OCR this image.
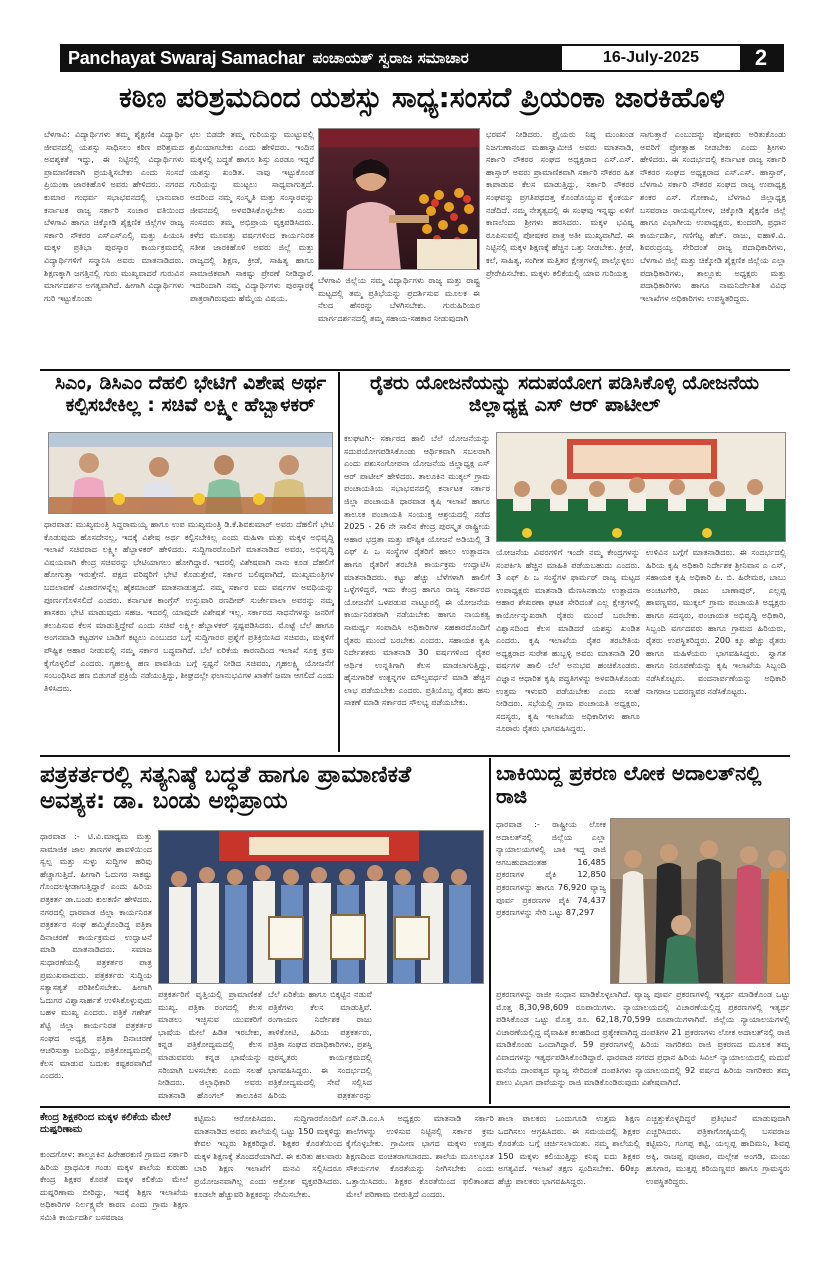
Panchayat Swaraj Samachar ಪಂಚಾಯತ್ ಸ್ವರಾಜ ಸಮಾಚಾರ	16-July-2025	2
ಕಠಿಣ ಪರಿಶ್ರಮದಿಂದ ಯಶಸ್ಸು ಸಾಧ್ಯ:ಸಂಸದೆ ಪ್ರಿಯಂಕಾ ಜಾರಕಿಹೊಳಿ
ಬೆಳಗಾವಿ: ವಿದ್ಯಾರ್ಥಿಗಳು ತಮ್ಮ ಶೈಕ್ಷಣಿಕ ವಿದ್ಯಾರ್ಥಿ ಜೀವನದಲ್ಲಿ ಯಶಸ್ಸು ಸಾಧಿಸಲು ಕಠಿಣ ಪರಿಶ್ರಮದ ಅವಶ್ಯಕತೆ ಇದ್ದು, ಈ ನಿಟ್ಟಿನಲ್ಲಿ ವಿದ್ಯಾರ್ಥಿಗಳು ಪ್ರಾಮಾಣಿಕವಾಗಿ ಪ್ರಯತ್ನಿಸಬೇಕು ಎಂದು ಸಂಸದೆ ಪ್ರಿಯಂಕಾ ಜಾರಕಿಹೊಳಿ ಅವರು ಹೇಳಿದರು. ನಗರದ ಕುಮಾರ ಗಂಧರ್ವ ಸಭಾಭವನದಲ್ಲಿ ಭಾನುವಾರ ಕರ್ನಾಟಕ ರಾಜ್ಯ ಸರ್ಕಾರಿ ಸಂಚಾರ ವತಿಯಿಂದ ಬೆಳಗಾವಿ ಹಾಗೂ ಚಿಕ್ಕೋಡಿ ಶೈಕ್ಷಣಿಕ ಜಿಲ್ಲೆಗಳ ರಾಜ್ಯ ಸರ್ಕಾರಿ ನೌಕರರ ಎಸ್ಎಸ್ಎಲ್ಸಿ ಮತ್ತು ಪಿಯುಸಿ ಮಕ್ಕಳ ಪ್ರತಿಭಾ ಪುರಸ್ಕಾರ ಕಾರ್ಯಕ್ರಮದಲ್ಲಿ ವಿದ್ಯಾರ್ಥಿಗಳಿಗೆ ಸನ್ಮಾನಿಸಿ ಅವರು ಮಾತನಾಡಿದರು. ಶಿಕ್ಷಣಕ್ಕಾಗಿ ಜಗತ್ತಿನಲ್ಲಿ ಗುರು ಮುಖ್ಯವಾದರೆ ಗುರುವಿನ ಮಾರ್ಗದರ್ಶನ ಅಗತ್ಯವಾಗಿದೆ. ಹೀಗಾಗಿ ವಿದ್ಯಾರ್ಥಿಗಳು ಗುರಿ ಇಟ್ಟುಕೊಂಡು
ಛಲ ಬಿಡದೇ ತಮ್ಮ ಗುರಿಯನ್ನು ಮುಟ್ಟುವಲ್ಲಿ ಶ್ರಮಿಯಾಗಬೇಕು ಎಂದು ಹೇಳಿದರು. ಇಂದಿನ ಮಕ್ಕಳಲ್ಲಿ ಬದ್ಧತೆ ಹಾಗೂ ಶಿಸ್ತು ಎರಡೂ ಇದ್ದರೆ ಯಶಸ್ಸು ಖಂಡಿತ. ನಾವು ಇಟ್ಟುಕೊಂಡ ಗುರಿಯನ್ನು ಮುಟ್ಟಲು ಸಾಧ್ಯವಾಗುತ್ತದೆ. ಅದರಿಂದ ನಮ್ಮ ಸಂಸ್ಕೃತಿ ಮತ್ತು ಸಂಸ್ಕಾರವನ್ನು ಜೀವನದಲ್ಲಿ ಅಳವಡಿಸಿಕೊಳ್ಳಬೇಕು ಎಂದು ಸಂಸದರು ತಮ್ಮ ಅಭಿಪ್ರಾಯ ವ್ಯಕ್ತಪಡಿಸಿದರು. ಕಳೆದ ಮೂವತ್ತು ವರ್ಷಗಳಿಂದ ಕಾರ್ಯನಿರತ ಸತೀಶ ಜಾರಕಿಹೊಳಿ ಅವರು ಜಿಲ್ಲೆ ಮತ್ತು ರಾಜ್ಯದಲ್ಲಿ ಶಿಕ್ಷಣ, ಕ್ರೀಡೆ, ಸಾಹಿತ್ಯ ಹಾಗೂ ಸಾಮಾಜಿಕವಾಗಿ ಸಾಕಷ್ಟು ಪ್ರೇರಣೆ ನೀಡಿದ್ದಾರೆ. ಇದರಿಂದಾಗಿ ನಮ್ಮ ವಿದ್ಯಾರ್ಥಿಗಳು ಪುರಸ್ಕಾರಕ್ಕೆ ಪಾತ್ರರಾಗಿರುವುದು ಹೆಮ್ಮೆಯ ವಿಷಯ.
ಬೆಳಗಾವಿ ಜಿಲ್ಲೆಯ ನಮ್ಮ ವಿದ್ಯಾರ್ಥಿಗಳು ರಾಜ್ಯ ಮತ್ತು ರಾಷ್ಟ್ರ ಮಟ್ಟದಲ್ಲಿ ತಮ್ಮ ಪ್ರತಿಭೆಯನ್ನು ಪ್ರದರ್ಶಿಸುವ ಮೂಲಕ ಈ ನೆಲದ ಹೆಸರನ್ನು ಬೆಳಗಿಸಬೇಕು. ಗುರುಹಿರಿಯರ ಮಾರ್ಗದರ್ಶನದಲ್ಲಿ ತಮ್ಮ ಸಹಾಯ-ಸಹಕಾರ ನೀಡುವುದಾಗಿ
ಭರವಸೆ ನೀಡಿದರು. ಪ್ರೈಯರು ನಿಷ್ಠ ಮುಂಖಂಡ ನಿಜಗುಣಾನಂದ ಮಹಾಸ್ವಾಮೀಜಿ ಅವರು ಮಾತನಾಡಿ, ಸರ್ಕಾರಿ ನೌಕರರ ಸಂಘದ ಅಧ್ಯಕ್ಷರಾದ ಎಸ್.ಎಸ್. ಹಾಸ್ತಾರ್ ಅವರು ಪ್ರಾಮಾಣಿಕವಾಗಿ ಸರ್ಕಾರಿ ನೌಕರರ ಹಿತ ಕಾಪಾಡುವ ಕೆಲಸ ಮಾಡುತ್ತಿದ್ದು, ಸರ್ಕಾರಿ ನೌಕರರ ಸಂಘವನ್ನು ಪ್ರಗತಿಪಥದತ್ತ ಕೊಂಡೊಯ್ಯುವ ಕೈಂಕರ್ಯ ನಡೆದಿದೆ. ನಮ್ಮ ನೇತೃತ್ವದಲ್ಲಿ ಈ ಸಂಘವು ಇನ್ನಷ್ಟು ಏಳಿಗೆ ಕಾಣಲೆಂದು ಶ್ರೀಗಳು ಹರಸಿದರು. ಮಕ್ಕಳ ಭವಿಷ್ಯ ರೂಪಿಸುವಲ್ಲಿ ಪೋಷಕರ ಪಾತ್ರ ಅತೀ ಮುಖ್ಯವಾಗಿದೆ. ಈ ನಿಟ್ಟಿನಲ್ಲಿ ಮಕ್ಕಳ ಶಿಕ್ಷಣಕ್ಕೆ ಹೆಚ್ಚಿನ ಒತ್ತು ನೀಡಬೇಕು. ಕ್ರೀಡೆ, ಕಲೆ, ಸಾಹಿತ್ಯ, ಸಂಗೀತ ಮತ್ತಿತರ ಕ್ಷೇತ್ರಗಳಲ್ಲಿ ಪಾಲ್ಗೊಳ್ಳಲು ಪ್ರೇರೇಪಿಸಬೇಕು. ಮಕ್ಕಳು ಕಲಿಕೆಯಲ್ಲಿ ಯಾವ ಗುರಿಯತ್ತ
ಸಾಗುತ್ತಾರೆ ಎಂಬುದನ್ನು ಪೋಷಕರು ಅರಿತುಕೊಂಡು ಅವರಿಗೆ ಪ್ರೋತ್ಸಾಹ ನೀಡಬೇಕು ಎಂದು ಶ್ರೀಗಳು ಹೇಳಿದರು. ಈ ಸಂದರ್ಭದಲ್ಲಿ ಕರ್ನಾಟಕ ರಾಜ್ಯ ಸರ್ಕಾರಿ ನೌಕರರ ಸಂಘದ ಅಧ್ಯಕ್ಷರಾದ ಎಸ್.ಎಸ್. ಹಾಸ್ತಾರ್, ಬೆಳಗಾವಿ ಸರ್ಕಾರಿ ನೌಕರರ ಸಂಘದ ರಾಜ್ಯ ಉಪಾಧ್ಯಕ್ಷ ಶಂಕರ ಎಸ್. ಗೋಕಾವಿ, ಬೆಳಗಾವಿ ಜಿಲ್ಲಾಧ್ಯಕ್ಷ ಬಸವರಾಜ ರಾಯವ್ವಗೋಳ, ಚಿಕ್ಕೋಡಿ ಶೈಕ್ಷಣಿಕ ಜಿಲ್ಲೆ ಹಾಗೂ ವಿಭಾಗೀಯ ಉಪಾಧ್ಯಕ್ಷರು, ಕುಂದರಗಿ, ಪ್ರಧಾನ ಕಾರ್ಯದರ್ಶಿ, ಗಣಿಗೆಟ್ಟ ಹೆಚ್. ರಾಜು, ಐಹಾಳಿ.ವಿ. ಶಿವರುದ್ರಯ್ಯ ಸೇರಿದಂತೆ ರಾಜ್ಯ ಪದಾಧಿಕಾರಿಗಳು, ಬೆಳಗಾವಿ ಜಿಲ್ಲೆ ಮತ್ತು ಚಿಕ್ಕೋಡಿ ಶೈಕ್ಷಣಿಕ ಜಿಲ್ಲೆಯ ಎಲ್ಲಾ ಪದಾಧಿಕಾರಿಗಳು, ತಾಲ್ಲೂಕು ಅಧ್ಯಕ್ಷರು ಮತ್ತು ಪದಾಧಿಕಾರಿಗಳು ಹಾಗೂ ನಾಮನಿರ್ದೇಶಿತ ವಿವಿಧ ಇಲಾಖೆಗಳ ಅಧಿಕಾರಿಗಳು ಉಪಸ್ಥಿತರಿದ್ದರು.
ಸಿಎಂ, ಡಿಸಿಎಂ ದೆಹಲಿ ಭೇಟಿಗೆ ವಿಶೇಷ ಅರ್ಥ ಕಲ್ಪಿಸಬೇಕಿಲ್ಲ : ಸಚಿವೆ ಲಕ್ಷ್ಮೀ ಹೆಬ್ಬಾಳಕರ್
ಧಾರವಾಡ: ಮುಖ್ಯಮಂತ್ರಿ ಸಿದ್ದರಾಮಯ್ಯ ಹಾಗೂ ಉಪ ಮುಖ್ಯಮಂತ್ರಿ ಡಿ.ಕೆ.ಶಿವಕುಮಾರ್ ಅವರು ದೆಹಲಿಗೆ ಭೇಟಿ ಕೊಡುವುದು ಹೊಸದೇನಲ್ಲ, ಇದಕ್ಕೆ ವಿಶೇಷ ಅರ್ಥ ಕಲ್ಪಿಸಬೇಕಿಲ್ಲ ಎಂದು ಮಹಿಳಾ ಮತ್ತು ಮಕ್ಕಳ ಅಭಿವೃದ್ಧಿ ಇಲಾಖೆ ಸಚಿವರಾದ ಲಕ್ಷ್ಮೀ ಹೆಬ್ಬಾಳಕರ್ ಹೇಳಿದರು. ಸುದ್ದಿಗಾರರೊಂದಿಗೆ ಮಾತನಾಡಿದ ಅವರು, ಅಭಿವೃದ್ಧಿ ವಿಷಯವಾಗಿ ಕೇಂದ್ರ ಸಚಿವರನ್ನು ಭೇಟಿಯಾಗಲು ಹೋಗಿದ್ದಾರೆ. ಇದರಲ್ಲಿ ವಿಶೇಷವಾಗಿ ನಾನು ಕೂಡ ದೆಹಲಿಗೆ ಹೋಗುತ್ತಾ ಇರುತ್ತೇನೆ. ಪಕ್ಷದ ವರಿಷ್ಠರಿಗೆ ಭೇಟಿ ಕೊಡುತ್ತೇವೆ, ಸರ್ಕಾರ ಬಲಿಷ್ಠವಾಗಿದೆ, ಮುಖ್ಯಮಂತ್ರಿಗಳ ಬದಲಾವಣೆ ವಿಚಾರಗಳನ್ನೆಲ್ಲ ಹೈಕಮಾಂಡ್ ಮಾತನಾಡುತ್ತದೆ. ನಮ್ಮ ಸರ್ಕಾರ ಐದು ವರ್ಷಗಳ ಅವಧಿಯನ್ನು ಪೂರ್ಣಗೊಳಿಸಲಿದೆ ಎಂದರು. ಕರ್ನಾಟಕ ಕಾಂಗ್ರೆಸ್ ಉಸ್ತುವಾರಿ ರಣದೀಪ್ ಸುರ್ಜೇವಾಲಾ ಅವರನ್ನು ನಮ್ಮ ಶಾಸಕರು ಭೇಟಿ ಮಾಡುವುದು ಸಹಜ. ಇದರಲ್ಲಿ ಯಾವುದೇ ವಿಶೇಷತೆ ಇಲ್ಲ. ಸರ್ಕಾರದ ಸಾಧನೆಗಳನ್ನು ಜನರಿಗೆ ತಲುಪಿಸುವ ಕೆಲಸ ಮಾಡುತ್ತಿದ್ದೇವೆ ಎಂದು ಸಚಿವೆ ಲಕ್ಷ್ಮೀ ಹೆಬ್ಬಾಳಕರ್ ಸ್ಪಷ್ಟಪಡಿಸಿದರು. ಮೊಟ್ಟೆ ಬೆಲೆ ಹಾಗೂ ಅಂಗನವಾಡಿ ಕಟ್ಟಡಗಳ ಬಾಡಿಗೆ ಕಟ್ಟಲು ಎಂಬುದರ ಬಗ್ಗೆ ಸುದ್ದಿಗಾರರ ಪ್ರಶ್ನೆಗೆ ಪ್ರತಿಕ್ರಿಯಿಸಿದ ಸಚಿವರು, ಮಕ್ಕಳಿಗೆ ಪೌಷ್ಟಿಕ ಆಹಾರ ನೀಡುವಲ್ಲಿ ನಮ್ಮ ಸರ್ಕಾರ ಬದ್ಧವಾಗಿದೆ. ಬೆಲೆ ಏರಿಕೆಯ ಕಾರಣದಿಂದ ಇಲಾಖೆ ಸೂಕ್ತ ಕ್ರಮ ಕೈಗೊಳ್ಳಲಿದೆ ಎಂದರು. ಗೃಹಲಕ್ಷ್ಮಿ ಹಣ ಪಾವತಿಯ ಬಗ್ಗೆ ಸ್ಪಷ್ಟನೆ ನೀಡಿದ ಸಚಿವರು, ಗೃಹಲಕ್ಷ್ಮಿ ಯೋಜನೆಗೆ ಸಂಬಂಧಿಸಿದ ಹಣ ಬಿಡುಗಡೆ ಪ್ರಕ್ರಿಯೆ ನಡೆಯುತ್ತಿದ್ದು, ಶೀಘ್ರದಲ್ಲೇ ಫಲಾನುಭವಿಗಳ ಖಾತೆಗೆ ಜಮಾ ಆಗಲಿದೆ ಎಂದು ತಿಳಿಸಿದರು.
ರೈತರು ಯೋಜನೆಯನ್ನು ಸದುಪಯೋಗ ಪಡಿಸಿಕೊಳ್ಳಿ ಯೋಜನೆಯ ಜಿಲ್ಲಾಧ್ಯಕ್ಷ ಎಸ್ ಆರ್ ಪಾಟೀಲ್
ಕಲಘಟಗಿ:- ಸರ್ಕಾರದ ಹಾಲಿ ಬೆಲೆ ಯೋಜನೆಯನ್ನು ಸದುಪಯೋಗಪಡಿಸಿಕೊಂಡು ಆರ್ಥಿಕವಾಗಿ ಸಬಲರಾಗಿ ಎಂದು ಪಶುಸಂಗೋಪನಾ ಯೋಜನೆಯ ಜಿಲ್ಲಾಧ್ಯಕ್ಷ ಎಸ್ ಆರ್ ಪಾಟೀಲ್ ಹೇಳಿದರು. ತಾಲೂಕಿನ ಮುಕ್ಕಲ್ ಗ್ರಾಮ ಪಂಚಾಯತಿಯ ಸಭಾಭವನದಲ್ಲಿ ಕರ್ನಾಟಕ ಸರ್ಕಾರ ಜಿಲ್ಲಾ ಪಂಚಾಯತಿ ಧಾರವಾಡ ಕೃಷಿ ಇಲಾಖೆ ಹಾಗೂ ತಾಲೂಕ ಪಂಚಾಯತಿ ಸಂಯುಕ್ತ ಆಶ್ರಯದಲ್ಲಿ ನಡೆದ 2025 - 26 ನೇ ಸಾಲಿನ ಕೇಂದ್ರ ಪುರಸ್ಕೃತ ರಾಷ್ಟ್ರೀಯ ಆಹಾರ ಭದ್ರತಾ ಮತ್ತು ಪೌಷ್ಟಿಕ ಯೋಜನೆ ಅಡಿಯಲ್ಲಿ 3 ಎಫ್ ಪಿ ಒ ಸಂಸ್ಥೆಗಳ ರೈತರಿಗೆ ಹಾಲು ಉತ್ಪಾದನಾ ಹಾಗೂ ರೈತರಿಗೆ ತರಬೇತಿ ಕಾರ್ಯಕ್ರಮ ಉದ್ಘಾಟಿಸಿ ಮಾತನಾಡಿದರು. ಕಟ್ಟು ಹೆಚ್ಚು ಬೆಳೆಗಳಾಗಿ ಹಾಲಿಗೆ ಒಳ್ಳೆಗಳಿದ್ದರೆ, ಇದು ಕೇಂದ್ರ ಹಾಗೂ ರಾಜ್ಯ ಸರ್ಕಾರದ ಯೋಜನೆಗೆ ಒಳಪಡುವ ನಾಟ್ಟೂರಲ್ಲಿ ಈ ಯೋಜನೆಯ ಕಾರ್ಯನಿರತರಾಗಿ ನಡೆಯಬೇಕು ಹಾಗೂ ನಾಯಕತ್ವ ಸಾಮರ್ಥ್ಯ ಸಂಪಾದಿಸಿ ಅಧಿಕಾರಿಗಳ ಸಹಕಾರದೊಂದಿಗೆ ರೈತರು ಮುಂದೆ ಬರಬೇಕು ಎಂದರು. ಸಹಾಯಕ ಕೃಷಿ ನಿರ್ದೇಶಕರು ಮಾತನಾಡಿ 30 ವರ್ಷಗಳಿಂದ ರೈತರ ಆರ್ಥಿಕ ಉನ್ನತಿಗಾಗಿ ಕೆಲಸ ಮಾಡಲಾಗುತ್ತಿದ್ದು, ಹೈನುಗಾರಿಕೆ ಉತ್ಪನ್ನಗಳ ಮೌಲ್ಯವರ್ಧನೆ ಮಾಡಿ ಹೆಚ್ಚಿನ ಲಾಭ ಪಡೆಯಬೇಕು ಎಂದರು. ಪ್ರತಿಯೊಬ್ಬ ರೈತರು ಹಸು ಸಾಕಣೆ ಮಾಡಿ ಸರ್ಕಾರದ ಸೌಲಭ್ಯ ಪಡೆಯಬೇಕು.
ಯೋಜನೆಯ ವಿವರಗಳಿಗೆ ಇಂದೇ ನಮ್ಮ ಕೇಂದ್ರಗಳನ್ನು ಸಂಪರ್ಕಿಸಿ ಹೆಚ್ಚಿನ ಮಾಹಿತಿ ಪಡೆಯಬಹುದು ಎಂದರು. 3 ಎಫ್ ಪಿ ಒ ಸಂಸ್ಥೆಗಳ ಫಾರ್ಮರ್ ರಾಜ್ಯ ಮಟ್ಟದ ಉಪಾಧ್ಯಕ್ಷರು ಮಾತನಾಡಿ ಮೆಣಸಿನಕಾಯಿ ಉತ್ಪಾದನಾ ಆಹಾರ ಶೇಖರಣಾ ಘಟಕ ಸೇರಿದಂತೆ ಎಲ್ಲ ಕ್ಷೇತ್ರಗಳಲ್ಲಿ ಕಾರ್ಯೋನ್ಮುಖರಾಗಿ ರೈತರು ಮುಂದೆ ಬರಬೇಕು. ವಿಶ್ವಾಸದಿಂದ ಕೆಲಸ ಮಾಡಿದರೆ ಯಶಸ್ಸು ಖಂಡಿತ ಎಂದರು. ಕೃಷಿ ಇಲಾಖೆಯ ರೈತರ ತರಬೇತಿಯ ಅಧ್ಯಕ್ಷರಾದ ಸುರೇಶ ಹುಬ್ಬಳ್ಳಿ ಅವರು ಮಾತನಾಡಿ 20 ವರ್ಷಗಳ ಹಾಲಿ ಬೆಲೆ ಅನುಭವ ಹಂಚಿಕೊಂಡರು. ವಿಜ್ಞಾನ ಆಧಾರಿತ ಕೃಷಿ ಪದ್ಧತಿಗಳನ್ನು ಅಳವಡಿಸಿಕೊಂಡು ಉತ್ತಮ ಇಳುವರಿ ಪಡೆಯಬೇಕು ಎಂದು ಸಲಹೆ ನೀಡಿದರು. ಸಭೆಯಲ್ಲಿ ಗ್ರಾಮ ಪಂಚಾಯತಿ ಅಧ್ಯಕ್ಷರು, ಸದಸ್ಯರು, ಕೃಷಿ ಇಲಾಖೆಯ ಅಧಿಕಾರಿಗಳು ಹಾಗೂ ನೂರಾರು ರೈತರು ಭಾಗವಹಿಸಿದ್ದರು.
ಉಳಿವಿನ ಬಗ್ಗೆಗೆ ಮಾತನಾಡಿದರು. ಈ ಸಂದರ್ಭದಲ್ಲಿ ಹಿರಿಯ ಕೃಷಿ ಅಧಿಕಾರಿ ನಿರ್ದೇಶಕ ಶ್ರೀನಿವಾಸ ಎ ಎಸ್, ಸಹಾಯಕ ಕೃಷಿ ಅಧಿಕಾರಿ ಪಿ. ಬಿ. ಹಿರೇಮಠ, ಬಾಬು ಅಂಚಟಗೇರಿ, ರಾಜು ಬಾಣಾಪುರ್, ಎಲ್ಲಪ್ಪ ಹಾವಣ್ಣವರ, ಮುಕ್ಕಲ್ ಗ್ರಾಮ ಪಂಚಾಯತಿ ಅಧ್ಯಕ್ಷರು ಹಾಗೂ ಸದಸ್ಯರು, ಪಂಚಾಯತ ಅಭಿವೃದ್ಧಿ ಅಧಿಕಾರಿ, ಸಿಬ್ಬಂದಿ ವರ್ಗದವರು ಹಾಗೂ ಗ್ರಾಮದ ಹಿರಿಯರು, ರೈತರು ಉಪಸ್ಥಿತರಿದ್ದರು. 200 ಕ್ಕೂ ಹೆಚ್ಚು ರೈತರು ಹಾಗೂ ಮಹಿಳೆಯರು ಭಾಗವಹಿಸಿದ್ದರು. ಸ್ವಾಗತ ಹಾಗೂ ನಿರೂಪಣೆಯನ್ನು ಕೃಷಿ ಇಲಾಖೆಯ ಸಿಬ್ಬಂದಿ ನಡೆಸಿಕೊಟ್ಟರು. ವಂದನಾರ್ಪಣೆಯನ್ನು ಅಧಿಕಾರಿ ನಾಗರಾಜ ಬದರಣ್ಣವರ ನಡೆಸಿಕೊಟ್ಟರು.
ಪತ್ರಕರ್ತರಲ್ಲಿ ಸತ್ಯನಿಷ್ಠೆ ಬದ್ಧತೆ ಹಾಗೂ ಪ್ರಾಮಾಣಿಕತೆ ಅವಶ್ಯಕ: ಡಾ. ಬಂಡು ಅಭಿಪ್ರಾಯ
ಧಾರವಾಡ :- ಟಿ.ವಿ.ಮಾಧ್ಯಮ ಮತ್ತು ಸಾಮಾಜಿಕ ಜಾಲ ತಾಣಗಳ ಹಾವಳಿಯಿಂದ ಸ್ವಲ್ಪ ಮತ್ತು ಸುಳ್ಳು ಸುದ್ದಿಗಳ ಹರಿವು ಹೆಚ್ಚಾಗುತ್ತಿದೆ. ಹೀಗಾಗಿ ಓದುಗರ ಸಾಕಷ್ಟು ಗೊಂದಲಕ್ಕೀಡಾಗುತ್ತಿದ್ದಾರೆ ಎಂದು ಹಿರಿಯ ಪತ್ರಕರ್ತ ಡಾ.ಬಂಡು ಕುಲಕರ್ಣಿ ಹೇಳಿದರು. ನಗರದಲ್ಲಿ ಧಾರವಾಡ ಜಿಲ್ಲಾ ಕಾರ್ಯನಿರತ ಪತ್ರಕರ್ತರ ಸಂಘ ಹಮ್ಮಿಕೊಂಡಿದ್ದ ಪತ್ರಿಕಾ ದಿನಾಚರಣೆ ಕಾರ್ಯಕ್ರಮದ ಉದ್ಘಾಟನೆ ಮಾಡಿ ಮಾತನಾಡಿದರು. ಸಮಾಜ ಸುಧಾರಣೆಯಲ್ಲಿ ಪತ್ರಕರ್ತರ ಪಾತ್ರ ಪ್ರಮುಖವಾದುದು. ಪತ್ರಕರ್ತರು ಸುದ್ದಿಯ ಸತ್ಯಾಸತ್ಯತೆ ಪರಿಶೀಲಿಸಬೇಕು. ಹೀಗಾಗಿ ಓದುಗರ ವಿಶ್ವಾಸಾರ್ಹತೆ ಉಳಿಸಿಕೊಳ್ಳುವುದು ಬಹಳ ಮುಖ್ಯ ಎಂದರು. ಪತ್ರಿಕೆ ಗಣೇಶ್ ಶೆಟ್ಟಿ ಜಿಲ್ಲಾ ಕಾರ್ಯನಿರತ ಪತ್ರಕರ್ತರ ಸಂಘದ ಅಧ್ಯಕ್ಷ ಪತ್ರಿಕಾ ದಿನಾಚರಣೆ ಆಚರಿಸುತ್ತಾ ಬಂದಿದ್ದು, ಪತ್ರಿಕೋದ್ಯಮದಲ್ಲಿ ಕೆಲಸ ಮಾಡುವ ಬದುಕು ಕಷ್ಟಕರವಾಗಿದೆ ಎಂದರು.
ಪತ್ರಕರ್ತರಿಗೆ ವೃತ್ತಿಯಲ್ಲಿ ಪ್ರಾಮಾಣಿಕತೆ ಮುಖ್ಯ. ಪತ್ರಿಕಾ ರಂಗದಲ್ಲಿ ಕೆಲಸ ಮಾಡಲು ಇಚ್ಛಿಸುವ ಯುವಕರಿಗೆ ಭಾಷೆಯ ಮೇಲೆ ಹಿಡಿತ ಇರಬೇಕು, ಕನ್ನಡ ಪತ್ರಿಕೋದ್ಯಮದಲ್ಲಿ ಕೆಲಸ ಮಾಡುವವರು ಕನ್ನಡ ಭಾಷೆಯನ್ನು ಸರಿಯಾಗಿ ಬಳಸಬೇಕು ಎಂದು ಸಲಹೆ ನೀಡಿದರು. ಜಿಲ್ಲಾಧಿಕಾರಿ ಅವರು ಮಾತನಾಡಿ ಹೊಂಗಲ್ ತಾಲೂಕಿನ
ಬೆಲೆ ಏರಿಕೆಯ ಹಾಗೂ ಬಿಕ್ಕಟ್ಟಿನ ನಡುವೆ ಪತ್ರಿಕೆಗಳು ಕೆಲಸ ಮಾಡುತ್ತಿವೆ. ರಂಗಾಯಣ ನಿರ್ದೇಶಕ ರಾಜು ತಾಳಿಕೋಟಿ, ಹಿರಿಯ ಪತ್ರಕರ್ತರು, ಪತ್ರಿಕಾ ಸಂಘದ ಪದಾಧಿಕಾರಿಗಳು, ಪ್ರಶಸ್ತಿ ಪುರಸ್ಕೃತರು ಕಾರ್ಯಕ್ರಮದಲ್ಲಿ ಭಾಗವಹಿಸಿದ್ದರು. ಈ ಸಂದರ್ಭದಲ್ಲಿ ಪತ್ರಿಕೋದ್ಯಮದಲ್ಲಿ ಸೇವೆ ಸಲ್ಲಿಸಿದ ಹಿರಿಯ ಪತ್ರಕರ್ತರನ್ನು
ಬಾಕಿಯಿದ್ದ ಪ್ರಕರಣ ಲೋಕ ಅದಾಲತ್‌ನಲ್ಲಿ ರಾಜಿ
ಧಾರವಾಡ :- ರಾಷ್ಟ್ರೀಯ ಲೋಕ ಅದಾಲತ್‌ನಲ್ಲಿ ಜಿಲ್ಲೆಯ ಎಲ್ಲಾ ನ್ಯಾಯಾಲಯಗಳಲ್ಲಿ ಬಾಕಿ ಇದ್ದ ರಾಜಿ ಆಗಬಹುದಾದಂತಹ	16,485 ಪ್ರಕರಣಗಳ ಪೈಕಿ	12,850 ಪ್ರಕರಣಗಳನ್ನು ಹಾಗೂ 76,920 ವ್ಯಾಜ್ಯ ಪೂರ್ವ ಪ್ರಕರಣಗಳ ಪೈಕಿ 74,437 ಪ್ರಕರಣಗಳನ್ನು ಸೇರಿ ಒಟ್ಟು 87,297
ಪ್ರಕರಣಗಳನ್ನು ರಾಜೀ ಸಂಧಾನ ಮಾಡಿಕೊಳ್ಳಲಾಗಿದೆ. ವ್ಯಾಜ್ಯ ಪೂರ್ವ ಪ್ರಕರಣಗಳಲ್ಲಿ ಇತ್ಯರ್ಥ ಮಾಡಿಕೊಂಡ ಒಟ್ಟು ಮೊತ್ತ 8,30,98,609 ರೂಪಾಯಿಗಳು. ನ್ಯಾಯಾಲಯದಲ್ಲಿ ವಿಚಾರಣೆಯಲ್ಲಿದ್ದ ಪ್ರಕರಣಗಳಲ್ಲಿ ಇತ್ಯರ್ಥ ಪಡಿಸಿಕೊಂಡ ಒಟ್ಟು ಮೊತ್ತ ರೂ. 62,18,70,599 ರೂಪಾಯಿಗಳಾಗಿವೆ. ಜಿಲ್ಲೆಯ ನ್ಯಾಯಾಲಯಗಳಲ್ಲಿ ವಿಚಾರಣೆಯಲ್ಲಿದ್ದ ವೈವಾಹಿಕ ಕಲಹದಿಂದ ಪ್ರತ್ಯೇಕವಾಗಿದ್ದ ದಂಪತಿಗಳ 21 ಪ್ರಕರಣಗಳು ಲೋಕ ಅದಾಲತ್‌ನಲ್ಲಿ ರಾಜಿ ಮಾಡಿಕೊಂಡು ಒಂದಾಗಿದ್ದಾರೆ. 59 ಪ್ರಕರಣಗಳಲ್ಲಿ ಹಿರಿಯ ನಾಗರಿಕರು ರಾಜಿ ಪ್ರಕರಣದ ಮೂಲಕ ತಮ್ಮ ವಿವಾದಗಳನ್ನು ಇತ್ಯರ್ಥಪಡಿಸಿಕೊಂಡಿದ್ದಾರೆ. ಧಾರವಾಡ ನಗರದ ಪ್ರಧಾನ ಹಿರಿಯ ಸಿವಿಲ್ ನ್ಯಾಯಾಲಯದಲ್ಲಿ ಮದುವೆ ಮನೆಯ ದಾಂಪತ್ಯದ ವ್ಯಾಜ್ಯ ಸೇರಿದಂತೆ ದಂಪತಿಗಳು ನ್ಯಾಯಾಲಯದಲ್ಲಿ 92 ವರ್ಷದ ಹಿರಿಯ ನಾಗರಿಕರು ತಮ್ಮ ಪಾಲು ವಿಭಾಗ ದಾವೆಯನ್ನು ರಾಜಿ ಮಾಡಿಕೊಂಡಿರುವುದು ವಿಶೇಷವಾಗಿದೆ.
ಕೇಂದ್ರ ಶಿಕ್ಷಕರಿಂದ ಮಕ್ಕಳ ಕಲಿಕೆಯ ಮೇಲೆ ದುಷ್ಪರಿಣಾಮ
ಕುಂದಗೋಳ: ತಾಲ್ಲೂಕಿನ ಹಿರೇಹರಕುಣಿ ಗ್ರಾಮದ ಸರ್ಕಾರಿ ಹಿರಿಯ ಪ್ರಾಥಮಿಕ ಗಂಡು ಮಕ್ಕಳ ಶಾಲೆಯ ಕುರುಹು ಕೇಂದ್ರ ಶಿಕ್ಷಕರ ಕೊರತೆ ಮಕ್ಕಳ ಕಲಿಕೆಯ ಮೇಲೆ ದುಷ್ಪರಿಣಾಮ ಬೀರಿದ್ದು, ಇದಕ್ಕೆ ಶಿಕ್ಷಣ ಇಲಾಖೆಯ ಅಧಿಕಾರಿಗಳ ನಿರ್ಲಕ್ಷ್ಯವೇ ಕಾರಣ ಎಂದು ಗ್ರಾಮ ಶಿಕ್ಷಣ ಸಮಿತಿ ಕಾರ್ಯದರ್ಶಿ ಬಸವರಾಜ
ಕಟ್ಟಿಮನಿ ಆರೋಪಿಸಿದರು. ಸುದ್ದಿಗಾರರೊಂದಿಗೆ ಮಾತನಾಡಿದ ಅವರು ಶಾಲೆಯಲ್ಲಿ ಒಟ್ಟು 150 ಮಕ್ಕಳಿದ್ದು ಕೇವಲ ಇಬ್ಬರು ಶಿಕ್ಷಕರಿದ್ದಾರೆ. ಶಿಕ್ಷಕರ ಕೊರತೆಯಿಂದ ಮಕ್ಕಳ ಶಿಕ್ಷಣಕ್ಕೆ ತೊಂದರೆಯಾಗಿದೆ. ಈ ಕುರಿತು ಹಲವಾರು ಬಾರಿ ಶಿಕ್ಷಣ ಇಲಾಖೆಗೆ ಮನವಿ ಸಲ್ಲಿಸಿದರೂ ಪ್ರಯೋಜನವಾಗಿಲ್ಲ ಎಂದು ಆಕ್ರೋಶ ವ್ಯಕ್ತಪಡಿಸಿದರು. ಕೂಡಲೇ ಹೆಚ್ಚುವರಿ ಶಿಕ್ಷಕರನ್ನು ನೇಮಿಸಬೇಕು.
ಎಸ್.ಡಿ.ಎಂ.ಸಿ ಅಧ್ಯಕ್ಷರು ಮಾತನಾಡಿ ಸರ್ಕಾರಿ ಶಾಲೆಗಳನ್ನು ಉಳಿಸುವ ನಿಟ್ಟಿನಲ್ಲಿ ಸರ್ಕಾರ ಕ್ರಮ ಕೈಗೊಳ್ಳಬೇಕು. ಗ್ರಾಮೀಣ ಭಾಗದ ಮಕ್ಕಳು ಉತ್ತಮ ಶಿಕ್ಷಣದಿಂದ ವಂಚಿತರಾಗಬಾರದು. ಶಾಲೆಯ ಮೂಲಭೂತ ಸೌಕರ್ಯಗಳ ಕೊರತೆಯನ್ನು ನೀಗಿಸಬೇಕು ಎಂದು ಒತ್ತಾಯಿಸಿದರು. ಶಿಕ್ಷಕರ ಕೊರತೆಯಿಂದ ಫಲಿತಾಂಶದ ಮೇಲೆ ಪರಿಣಾಮ ಬೀರುತ್ತಿದೆ ಎಂದರು.
ಶಾಲಾ ಪಾಲಕರು ಒಂದುಗೂಡಿ ಉತ್ತಮ ಶಿಕ್ಷಣ ಒದಗಿಸಲು ಆಗ್ರಹಿಸಿದರು. ಈ ಸಮಯದಲ್ಲಿ ಶಿಕ್ಷಕರ ಕೊರತೆಯ ಬಗ್ಗೆ ಚರ್ಚಿಸಲಾಯಿತು. ನಮ್ಮ ಶಾಲೆಯಲ್ಲಿ 150 ಮಕ್ಕಳು ಕಲಿಯುತ್ತಿದ್ದು ಕನಿಷ್ಠ ಐದು ಶಿಕ್ಷಕರ ಅಗತ್ಯವಿದೆ. ಇಲಾಖೆ ತಕ್ಷಣ ಸ್ಪಂದಿಸಬೇಕು. 60ಕ್ಕೂ ಹೆಚ್ಚು ಪಾಲಕರು ಭಾಗವಹಿಸಿದ್ದರು.
ಎಚ್ಚತ್ತುಕೊಳ್ಳದಿದ್ದರೆ ಪ್ರತಿಭಟನೆ ಮಾಡುವುದಾಗಿ ಎಚ್ಚರಿಸಿದರು. ಪತ್ರಿಕಾಗೋಷ್ಠಿಯಲ್ಲಿ ಬಸವರಾಜ ಕಟ್ಟಿಮನಿ, ಗಂಗಪ್ಪ ಕಟ್ಟಿ, ಯಲ್ಲಪ್ಪ ಹಾದಿಮನಿ, ಶಿವಪ್ಪ ಅಕ್ಕಿ, ರಾಜಪ್ಪ ಪೂಜಾರ, ಮಲ್ಲೇಶ ಅಂಗಡಿ, ಮಂಜು ಹೂಗಾರ, ಮುತ್ತಪ್ಪ ಕರಿಯಣ್ಣವರ ಹಾಗೂ ಗ್ರಾಮಸ್ಥರು ಉಪಸ್ಥಿತರಿದ್ದರು.
